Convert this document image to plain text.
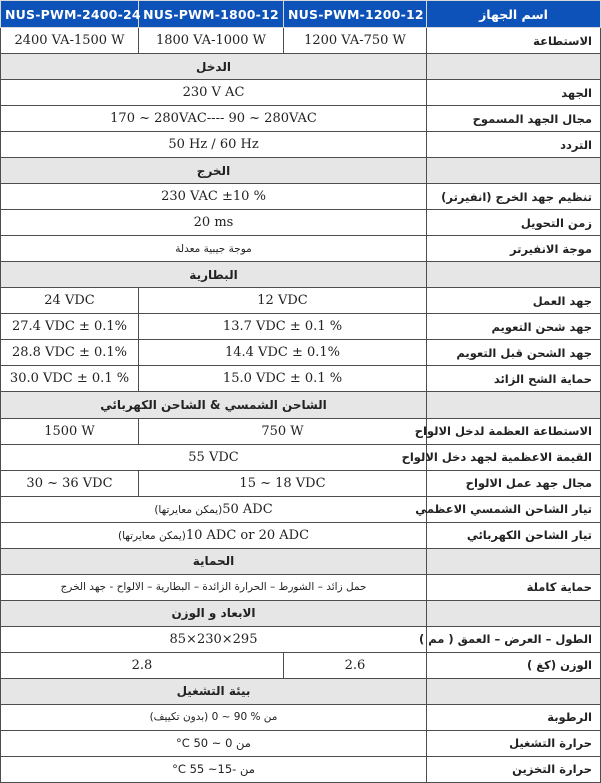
NUS-PWM-2400-24	NUS-PWM-1800-12	NUS-PWM-1200-12	اسم الجهاز
2400 VA-1500 W	1800 VA-1000 W	1200 VA-750 W	الاستطاعة
الدخل			
230 V AC			الجهد
170 ~ 280VAC---- 90 ~ 280VAC			مجال الجهد المسموح
50 Hz / 60 Hz			التردد
الخرج			
230 VAC ±10 %			تنظيم جهد الخرج (انفيرتر)
20 ms			زمن التحويل
موجة جيبية معدلة			موجة الانفيرتر
البطارية			
24 VDC	12 VDC		جهد العمل
27.4 VDC ± 0.1%	13.7 VDC ± 0.1 %		جهد شحن التعويم
28.8 VDC ± 0.1%	14.4 VDC ± 0.1%		جهد الشحن قبل التعويم
30.0 VDC ± 0.1 %	15.0 VDC ± 0.1 %		حماية الشح الزائد
الشاحن الشمسي & الشاحن الكهربائي			
1500 W	750 W		الاستطاعة العظمة لدخل الالواح
55 VDC			القيمة الاعظمية لجهد دخل الالواح
30 ~ 36 VDC	15 ~ 18 VDC		مجال جهد عمل الالواح
50 ADC(يمكن معايرتها)			تيار الشاحن الشمسي الاعظمي
10 ADC or 20 ADC(يمكن معايرتها)			تيار الشاحن الكهربائي
الحماية			
حمل زائد – الشورط – الحرارة الزائدة – البطارية – الالواح - جهد الخرج			حماية كاملة
الابعاد و الوزن			
85×230×295			الطول – العرض – العمق ( مم )
2.8		2.6	الوزن (كغ )
بيئة التشغيل			
من % 90 ~ 0 (بدون تكييف)			الرطوبة
من 0 ~ 50 C°			حرارة التشغيل
من -15~ 55 C°			حرارة التخزين
